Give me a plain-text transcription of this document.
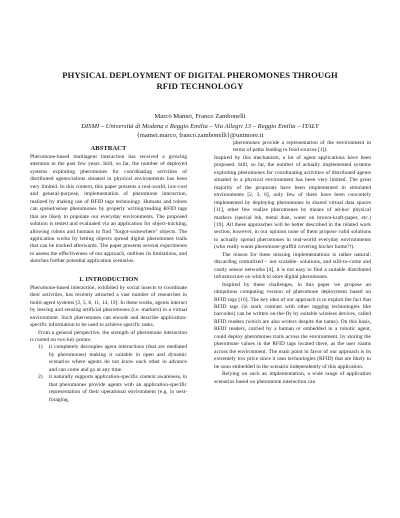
PHYSICAL DEPLOYMENT OF DIGITAL PHEROMONES THROUGH
RFID TECHNOLOGY
Marco Mamei, Franco Zambonelli
DISMI – Università di Modena e Reggio Emilia – Via Allegri 13 – Reggio Emilia – ITALY
{mamei.marco, franco.zambonelli}@unimore.it
ABSTRACT

Pheromone-based multiagent interaction has received a growing attention in the past few years. Still, so far, the number of deployed systems exploiting pheromones for coordinating activities of distributed agents/robots situated in physical environments has been very limited. In this context, this paper presents a real-world, low-cost and general-purpose, implementation of pheromone interaction, realized by making use of RFID tags technology. Humans and robots can spread/sense pheromones by properly writing/reading RFID tags that are likely to populate our everyday environments. The proposed solution is tested and evaluated via an application for object-tracking, allowing robots and humans to find "forgot-somewhere" objects. The application works by letting objects spread digital pheromones trails that can be tracked afterwards. The paper presents several experiments to assess the effectiveness of our approach, outlines its limitations, and sketches further potential application scenarios.

1. INTRODUCTION

Pheromone-based interaction, exhibited by social insects to coordinate their activities, has recently attracted a vast number of researches in multi-agent systems [2, 5, 8, 11, 14, 19]. In these works, agents interact by leaving and sensing artificial pheromones (i.e. markers) in a virtual environment. Such pheromones can encode and describe application-specific information to be used to achieve specific tasks.

From a general perspective, the strength of pheromone interaction is rooted on two key points:

1)	it completely decouples agent interactions (that are mediated by pheromones) making it suitable in open and dynamic scenarios where agents do not know each other in advance and can come and go at any time.
2)	it naturally supports application-specific context awareness, in that pheromones provide agents with an application-specific representation of their operational environment (e.g. in nest-foraging,

pheromones provide a representation of the environment in terms of paths leading to food sources [1]).

Inspired by this mechanism, a lot of agent applications have been proposed. Still, so far, the number of actually implemented systems exploiting pheromones for coordinating activities of distributed agents situated in a physical environment has been very limited. The great majority of the proposals have been implemented in simulated environments [2, 3, 8], only few of them have been concretely implemented by deploying pheromones in shared virtual data spaces [11], other few realize pheromones by means of ad-hoc physical markers (special ink, metal dust, water on brown-kraft-paper, etc.) [19]. All these approaches will be better described in the related work section, however, in our opinion none of them propose valid solutions to actually spread pheromones in real-world everyday environments (who really wants pheromone-graffiti covering his/her home?!).

The reason for these missing implementations is rather natural: discarding centralized – not scalable- solutions, and still-to-come and costly sensor networks [4], it is not easy to find a suitable distributed infrastructure on which to store digital pheromones.

Inspired by these challenges, in this paper we propose an ubiquitous computing version of pheromone deployment based on RFID tags [16]. The key idea of our approach is to exploit the fact that RFID tags (in stark contrast with other tagging technologies like barcodes) can be written on-the-fly by suitable wireless devices, called RFID readers (which are also writers despite the name). On this basis, RFID readers, carried by a human or embedded in a robotic agent, could deploy pheromones trails across the environment, by storing the pheromone values in the RFID tags located there, as the user roams across the environment. The main point in favor of our approach is its extremely low price since it uses technologies (RFID) that are likely to be soon embedded in the scenario independently of this application.

Relying on such an implementation, a wide range of application scenarios based on pheromone interaction can
